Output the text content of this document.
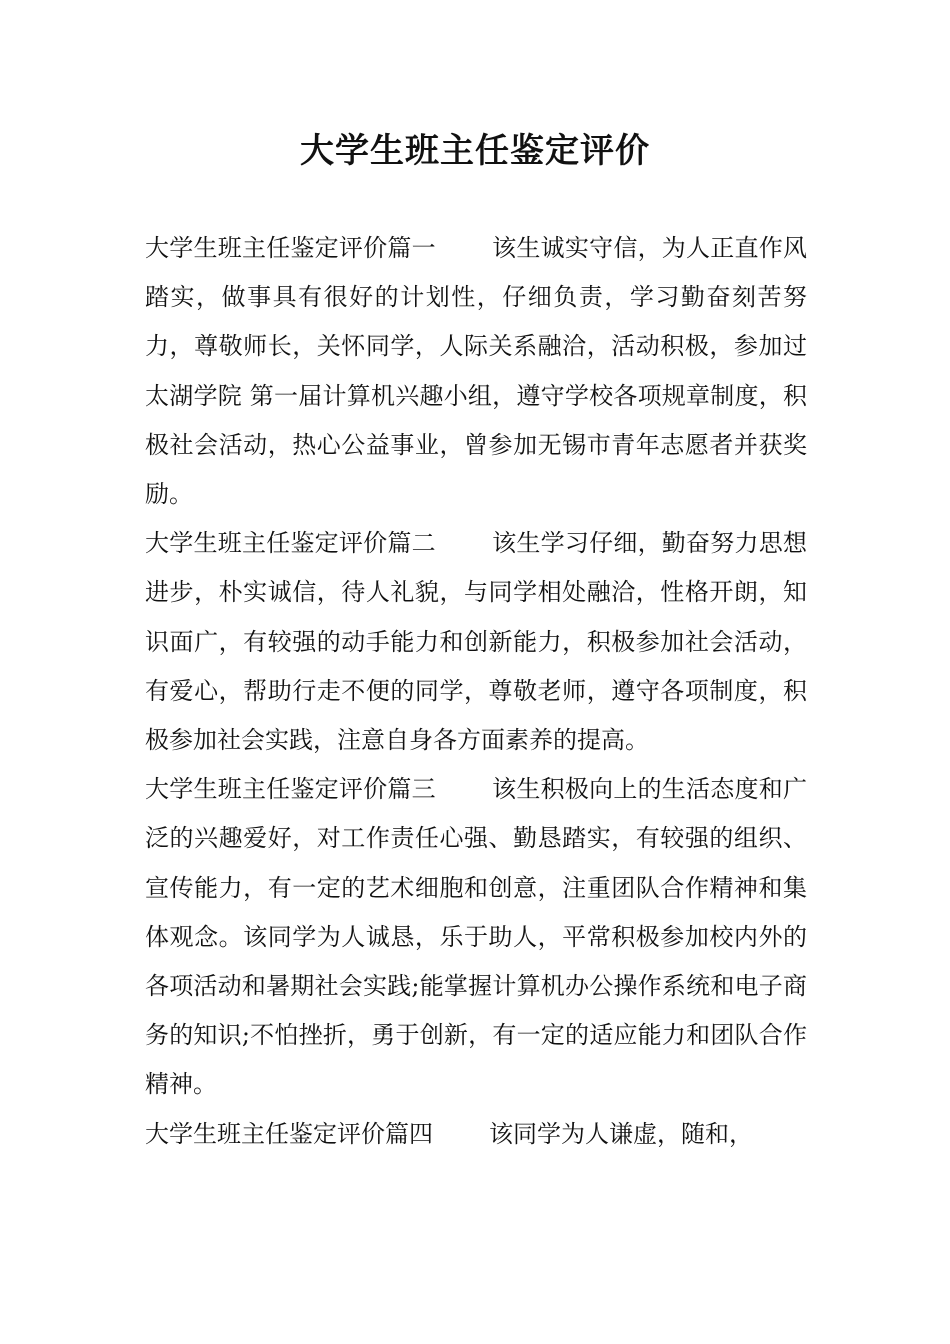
大学生班主任鉴定评价

大学生班主任鉴定评价篇一 该生诚实守信，为人正直作风踏实，做事具有很好的计划性，仔细负责，学习勤奋刻苦努力，尊敬师长，关怀同学，人际关系融洽，活动积极，参加过太湖学院 第一届计算机兴趣小组，遵守学校各项规章制度，积极社会活动，热心公益事业，曾参加无锡市青年志愿者并获奖励。

大学生班主任鉴定评价篇二 该生学习仔细，勤奋努力思想进步，朴实诚信，待人礼貌，与同学相处融洽，性格开朗，知识面广，有较强的动手能力和创新能力，积极参加社会活动，有爱心，帮助行走不便的同学，尊敬老师，遵守各项制度，积极参加社会实践，注意自身各方面素养的提高。

大学生班主任鉴定评价篇三 该生积极向上的生活态度和广泛的兴趣爱好，对工作责任心强、勤恳踏实，有较强的组织、宣传能力，有一定的艺术细胞和创意，注重团队合作精神和集体观念。该同学为人诚恳，乐于助人，平常积极参加校内外的各项活动和暑期社会实践;能掌握计算机办公操作系统和电子商务的知识;不怕挫折，勇于创新，有一定的适应能力和团队合作精神。

大学生班主任鉴定评价篇四 该同学为人谦虚，随和，
